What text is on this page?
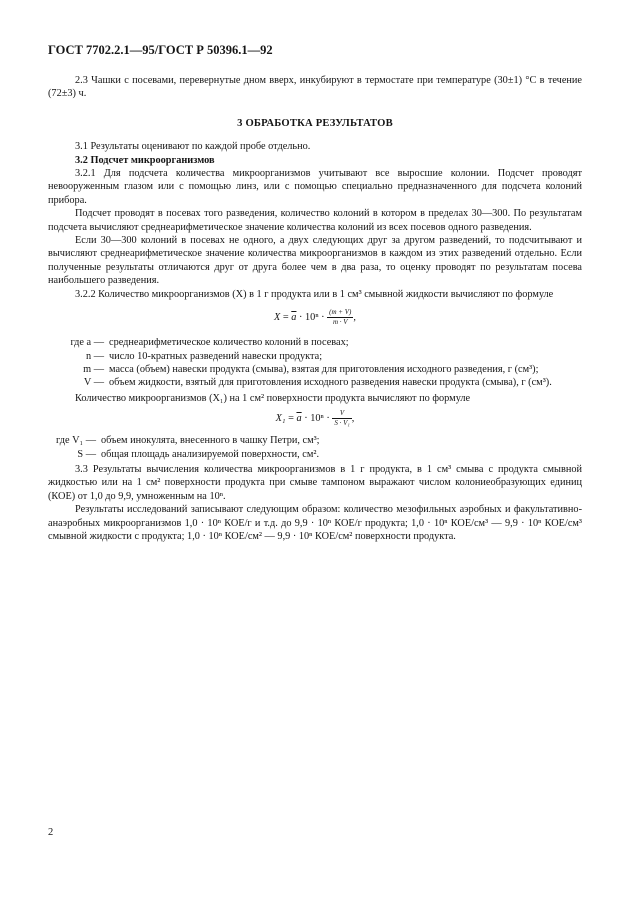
ГОСТ 7702.2.1—95/ГОСТ Р 50396.1—92

2.3 Чашки с посевами, перевернутые дном вверх, инкубируют в термостате при температуре (30±1) °С в течение (72±3) ч.

3 ОБРАБОТКА РЕЗУЛЬТАТОВ

3.1 Результаты оценивают по каждой пробе отдельно.

3.2 Подсчет микроорганизмов

3.2.1 Для подсчета количества микроорганизмов учитывают все выросшие колонии. Подсчет проводят невооруженным глазом или с помощью линз, или с помощью специально предназначенного для подсчета колоний прибора.

Подсчет проводят в посевах того разведения, количество колоний в котором в пределах 30—300. По результатам подсчета вычисляют среднеарифметическое значение количества колоний из всех посевов одного разведения.

Если 30—300 колоний в посевах не одного, а двух следующих друг за другом разведений, то подсчитывают и вычисляют среднеарифметическое значение количества микроорганизмов в каждом из этих разведений отдельно. Если полученные результаты отличаются друг от друга более чем в два раза, то оценку проводят по результатам посева наибольшего разведения.

3.2.2 Количество микроорганизмов (X) в 1 г продукта или в 1 см³ смывной жидкости вычисляют по формуле

$X = \overline{a} \cdot 10^n \cdot \frac{(m + V)}{m \cdot V}$ ,

где a — среднеарифметическое количество колоний в посевах;
n — число 10-кратных разведений навески продукта;
m — масса (объем) навески продукта (смыва), взятая для приготовления исходного разведения, г (см³);
V — объем жидкости, взятый для приготовления исходного разведения навески продукта (смыва), г (см³).

Количество микроорганизмов (X₁) на 1 см² поверхности продукта вычисляют по формуле

$X_1 = \overline{a} \cdot 10^n \cdot \frac{V}{\text{S · V₁}}$ ,

где V₁ — объем инокулята, внесенного в чашку Петри, см³;
S — общая площадь анализируемой поверхности, см².

3.3 Результаты вычисления количества микроорганизмов в 1 г продукта, в 1 см³ смыва с продукта смывной жидкостью или на 1 см² поверхности продукта при смыве тампоном выражают числом колониеобразующих единиц (КОЕ) от 1,0 до 9,9, умноженным на 10ⁿ.

Результаты исследований записывают следующим образом: количество мезофильных аэробных и факультативно-анаэробных микроорганизмов 1,0 · 10ⁿ КОЕ/г и т.д. до 9,9 · 10ⁿ КОЕ/г продукта; 1,0 · 10ⁿ КОЕ/см³ — 9,9 · 10ⁿ КОЕ/см³ смывной жидкости с продукта; 1,0 · 10ⁿ КОЕ/см² — 9,9 · 10ⁿ КОЕ/см² поверхности продукта.

2
